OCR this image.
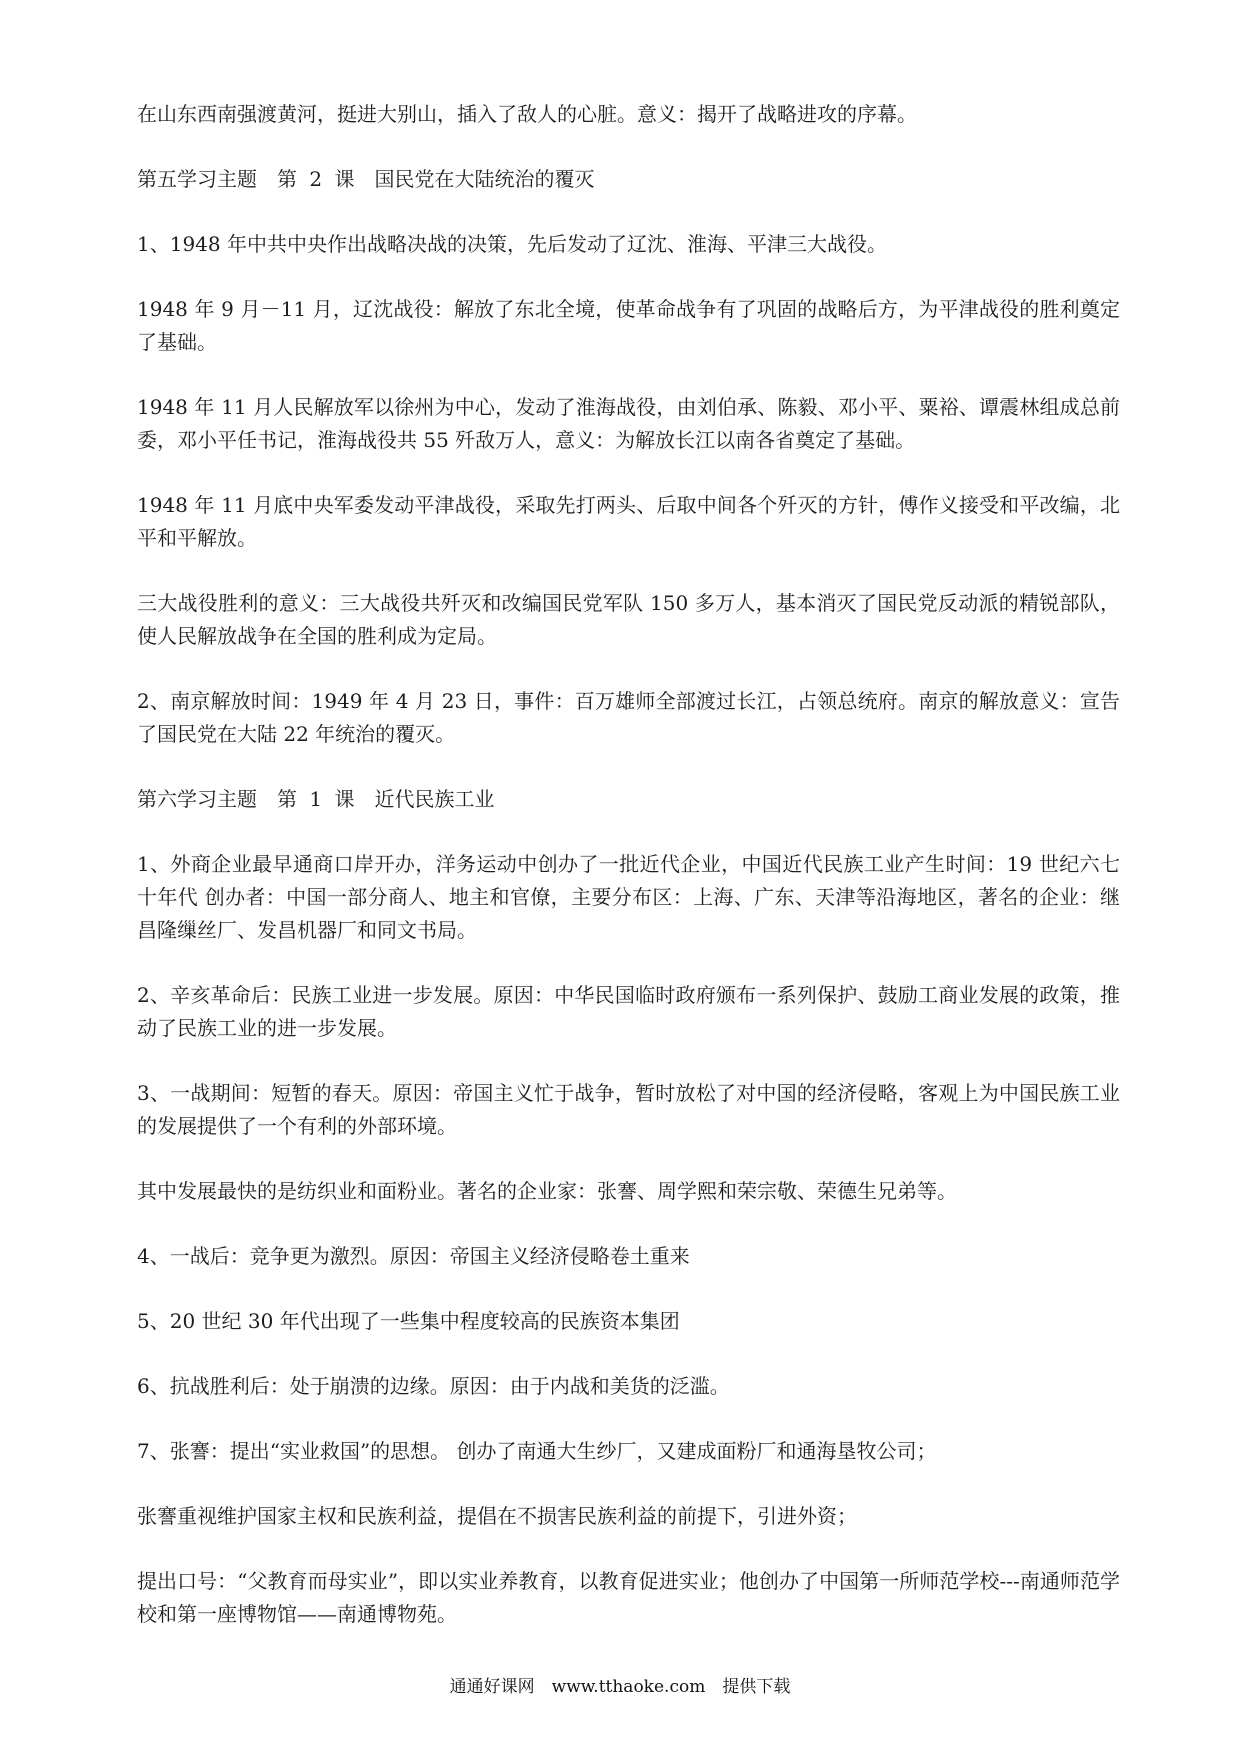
在山东西南强渡黄河，挺进大别山，插入了敌人的心脏。意义：揭开了战略进攻的序幕。

第五学习主题　第 2 课　国民党在大陆统治的覆灭

1、1948 年中共中央作出战略决战的决策，先后发动了辽沈、淮海、平津三大战役。

1948 年 9 月－11 月，辽沈战役：解放了东北全境，使革命战争有了巩固的战略后方，为平津战役的胜利奠定了基础。

1948 年 11 月人民解放军以徐州为中心，发动了淮海战役，由刘伯承、陈毅、邓小平、粟裕、谭震林组成总前委，邓小平任书记，淮海战役共 55 歼敌万人，意义：为解放长江以南各省奠定了基础。

1948 年 11 月底中央军委发动平津战役，采取先打两头、后取中间各个歼灭的方针，傅作义接受和平改编，北平和平解放。

三大战役胜利的意义：三大战役共歼灭和改编国民党军队 150 多万人，基本消灭了国民党反动派的精锐部队，使人民解放战争在全国的胜利成为定局。

2、南京解放时间：1949 年 4 月 23 日，事件：百万雄师全部渡过长江，占领总统府。南京的解放意义：宣告了国民党在大陆 22 年统治的覆灭。

第六学习主题　第 1 课　近代民族工业

1、外商企业最早通商口岸开办，洋务运动中创办了一批近代企业，中国近代民族工业产生时间：19 世纪六七十年代 创办者：中国一部分商人、地主和官僚，主要分布区：上海、广东、天津等沿海地区，著名的企业：继昌隆缫丝厂、发昌机器厂和同文书局。

2、辛亥革命后：民族工业进一步发展。原因：中华民国临时政府颁布一系列保护、鼓励工商业发展的政策，推动了民族工业的进一步发展。

3、一战期间：短暂的春天。原因：帝国主义忙于战争，暂时放松了对中国的经济侵略，客观上为中国民族工业的发展提供了一个有利的外部环境。

其中发展最快的是纺织业和面粉业。著名的企业家：张謇、周学熙和荣宗敬、荣德生兄弟等。

4、一战后：竞争更为激烈。原因：帝国主义经济侵略卷土重来

5、20 世纪 30 年代出现了一些集中程度较高的民族资本集团

6、抗战胜利后：处于崩溃的边缘。原因：由于内战和美货的泛滥。

7、张謇：提出“实业救国”的思想。 创办了南通大生纱厂，又建成面粉厂和通海垦牧公司；

张謇重视维护国家主权和民族利益，提倡在不损害民族利益的前提下，引进外资；

提出口号：“父教育而母实业”，即以实业养教育，以教育促进实业；他创办了中国第一所师范学校---南通师范学校和第一座博物馆——南通博物苑。

通通好课网　www.tthaoke.com　提供下载
